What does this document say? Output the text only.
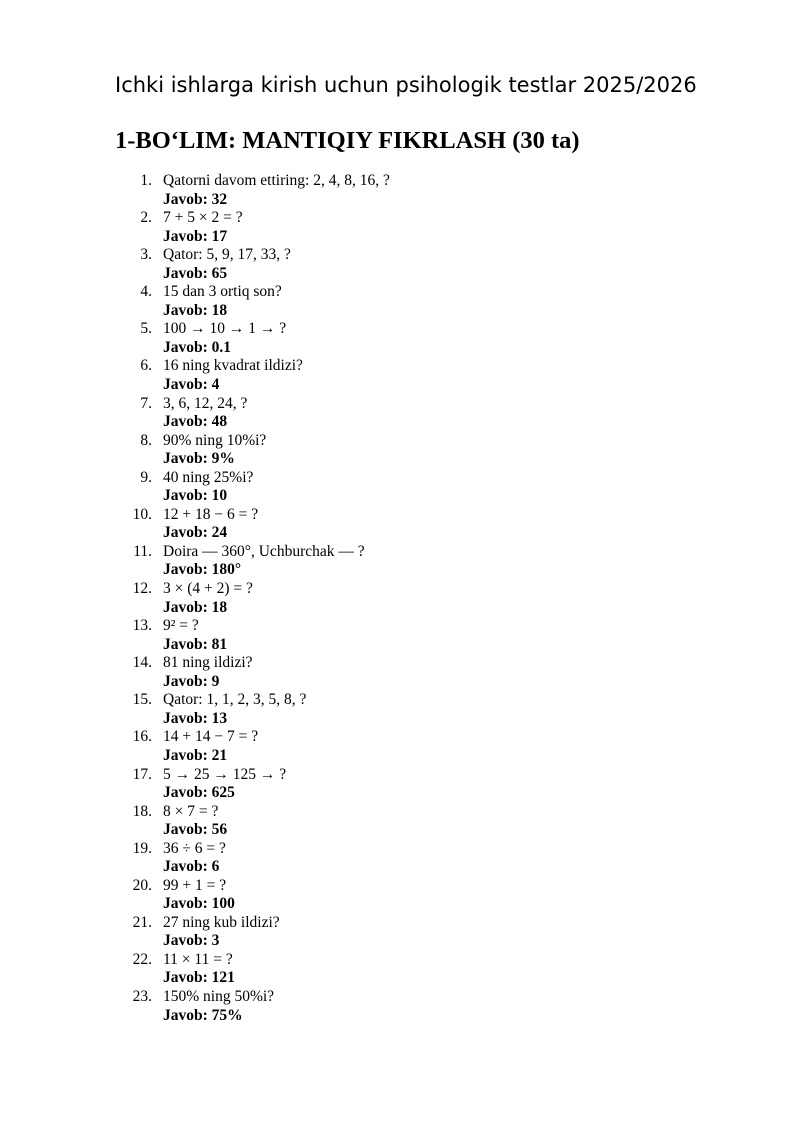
Ichki ishlarga kirish uchun psihologik testlar 2025/2026
1-BO‘LIM: MANTIQIY FIKRLASH (30 ta)
1. Qatorni davom ettiring: 2, 4, 8, 16, ?
Javob: 32
2. 7 + 5 × 2 = ?
Javob: 17
3. Qator: 5, 9, 17, 33, ?
Javob: 65
4. 15 dan 3 ortiq son?
Javob: 18
5. 100 → 10 → 1 → ?
Javob: 0.1
6. 16 ning kvadrat ildizi?
Javob: 4
7. 3, 6, 12, 24, ?
Javob: 48
8. 90% ning 10%i?
Javob: 9%
9. 40 ning 25%i?
Javob: 10
10. 12 + 18 − 6 = ?
Javob: 24
11. Doira — 360°, Uchburchak — ?
Javob: 180°
12. 3 × (4 + 2) = ?
Javob: 18
13. 9² = ?
Javob: 81
14. 81 ning ildizi?
Javob: 9
15. Qator: 1, 1, 2, 3, 5, 8, ?
Javob: 13
16. 14 + 14 − 7 = ?
Javob: 21
17. 5 → 25 → 125 → ?
Javob: 625
18. 8 × 7 = ?
Javob: 56
19. 36 ÷ 6 = ?
Javob: 6
20. 99 + 1 = ?
Javob: 100
21. 27 ning kub ildizi?
Javob: 3
22. 11 × 11 = ?
Javob: 121
23. 150% ning 50%i?
Javob: 75%
